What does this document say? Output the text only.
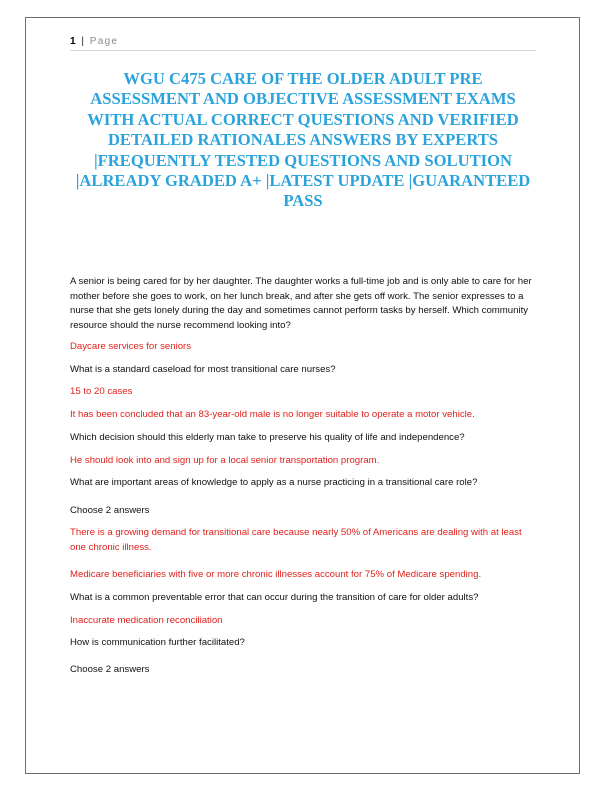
1 | Page
WGU C475 CARE OF THE OLDER ADULT PRE ASSESSMENT AND OBJECTIVE ASSESSMENT EXAMS WITH ACTUAL CORRECT QUESTIONS AND VERIFIED DETAILED RATIONALES ANSWERS BY EXPERTS |FREQUENTLY TESTED QUESTIONS AND SOLUTION |ALREADY GRADED A+ |LATEST UPDATE |GUARANTEED PASS

A senior is being cared for by her daughter. The daughter works a full-time job and is only able to care for her mother before she goes to work, on her lunch break, and after she gets off work. The senior expresses to a nurse that she gets lonely during the day and sometimes cannot perform tasks by herself. Which community resource should the nurse recommend looking into?

Daycare services for seniors

What is a standard caseload for most transitional care nurses?

15 to 20 cases

It has been concluded that an 83-year-old male is no longer suitable to operate a motor vehicle.

Which decision should this elderly man take to preserve his quality of life and independence?

He should look into and sign up for a local senior transportation program.

What are important areas of knowledge to apply as a nurse practicing in a transitional care role?

Choose 2 answers

There is a growing demand for transitional care because nearly 50% of Americans are dealing with at least one chronic illness.

Medicare beneficiaries with five or more chronic illnesses account for 75% of Medicare spending.

What is a common preventable error that can occur during the transition of care for older adults?

Inaccurate medication reconciliation

How is communication further facilitated?

Choose 2 answers
